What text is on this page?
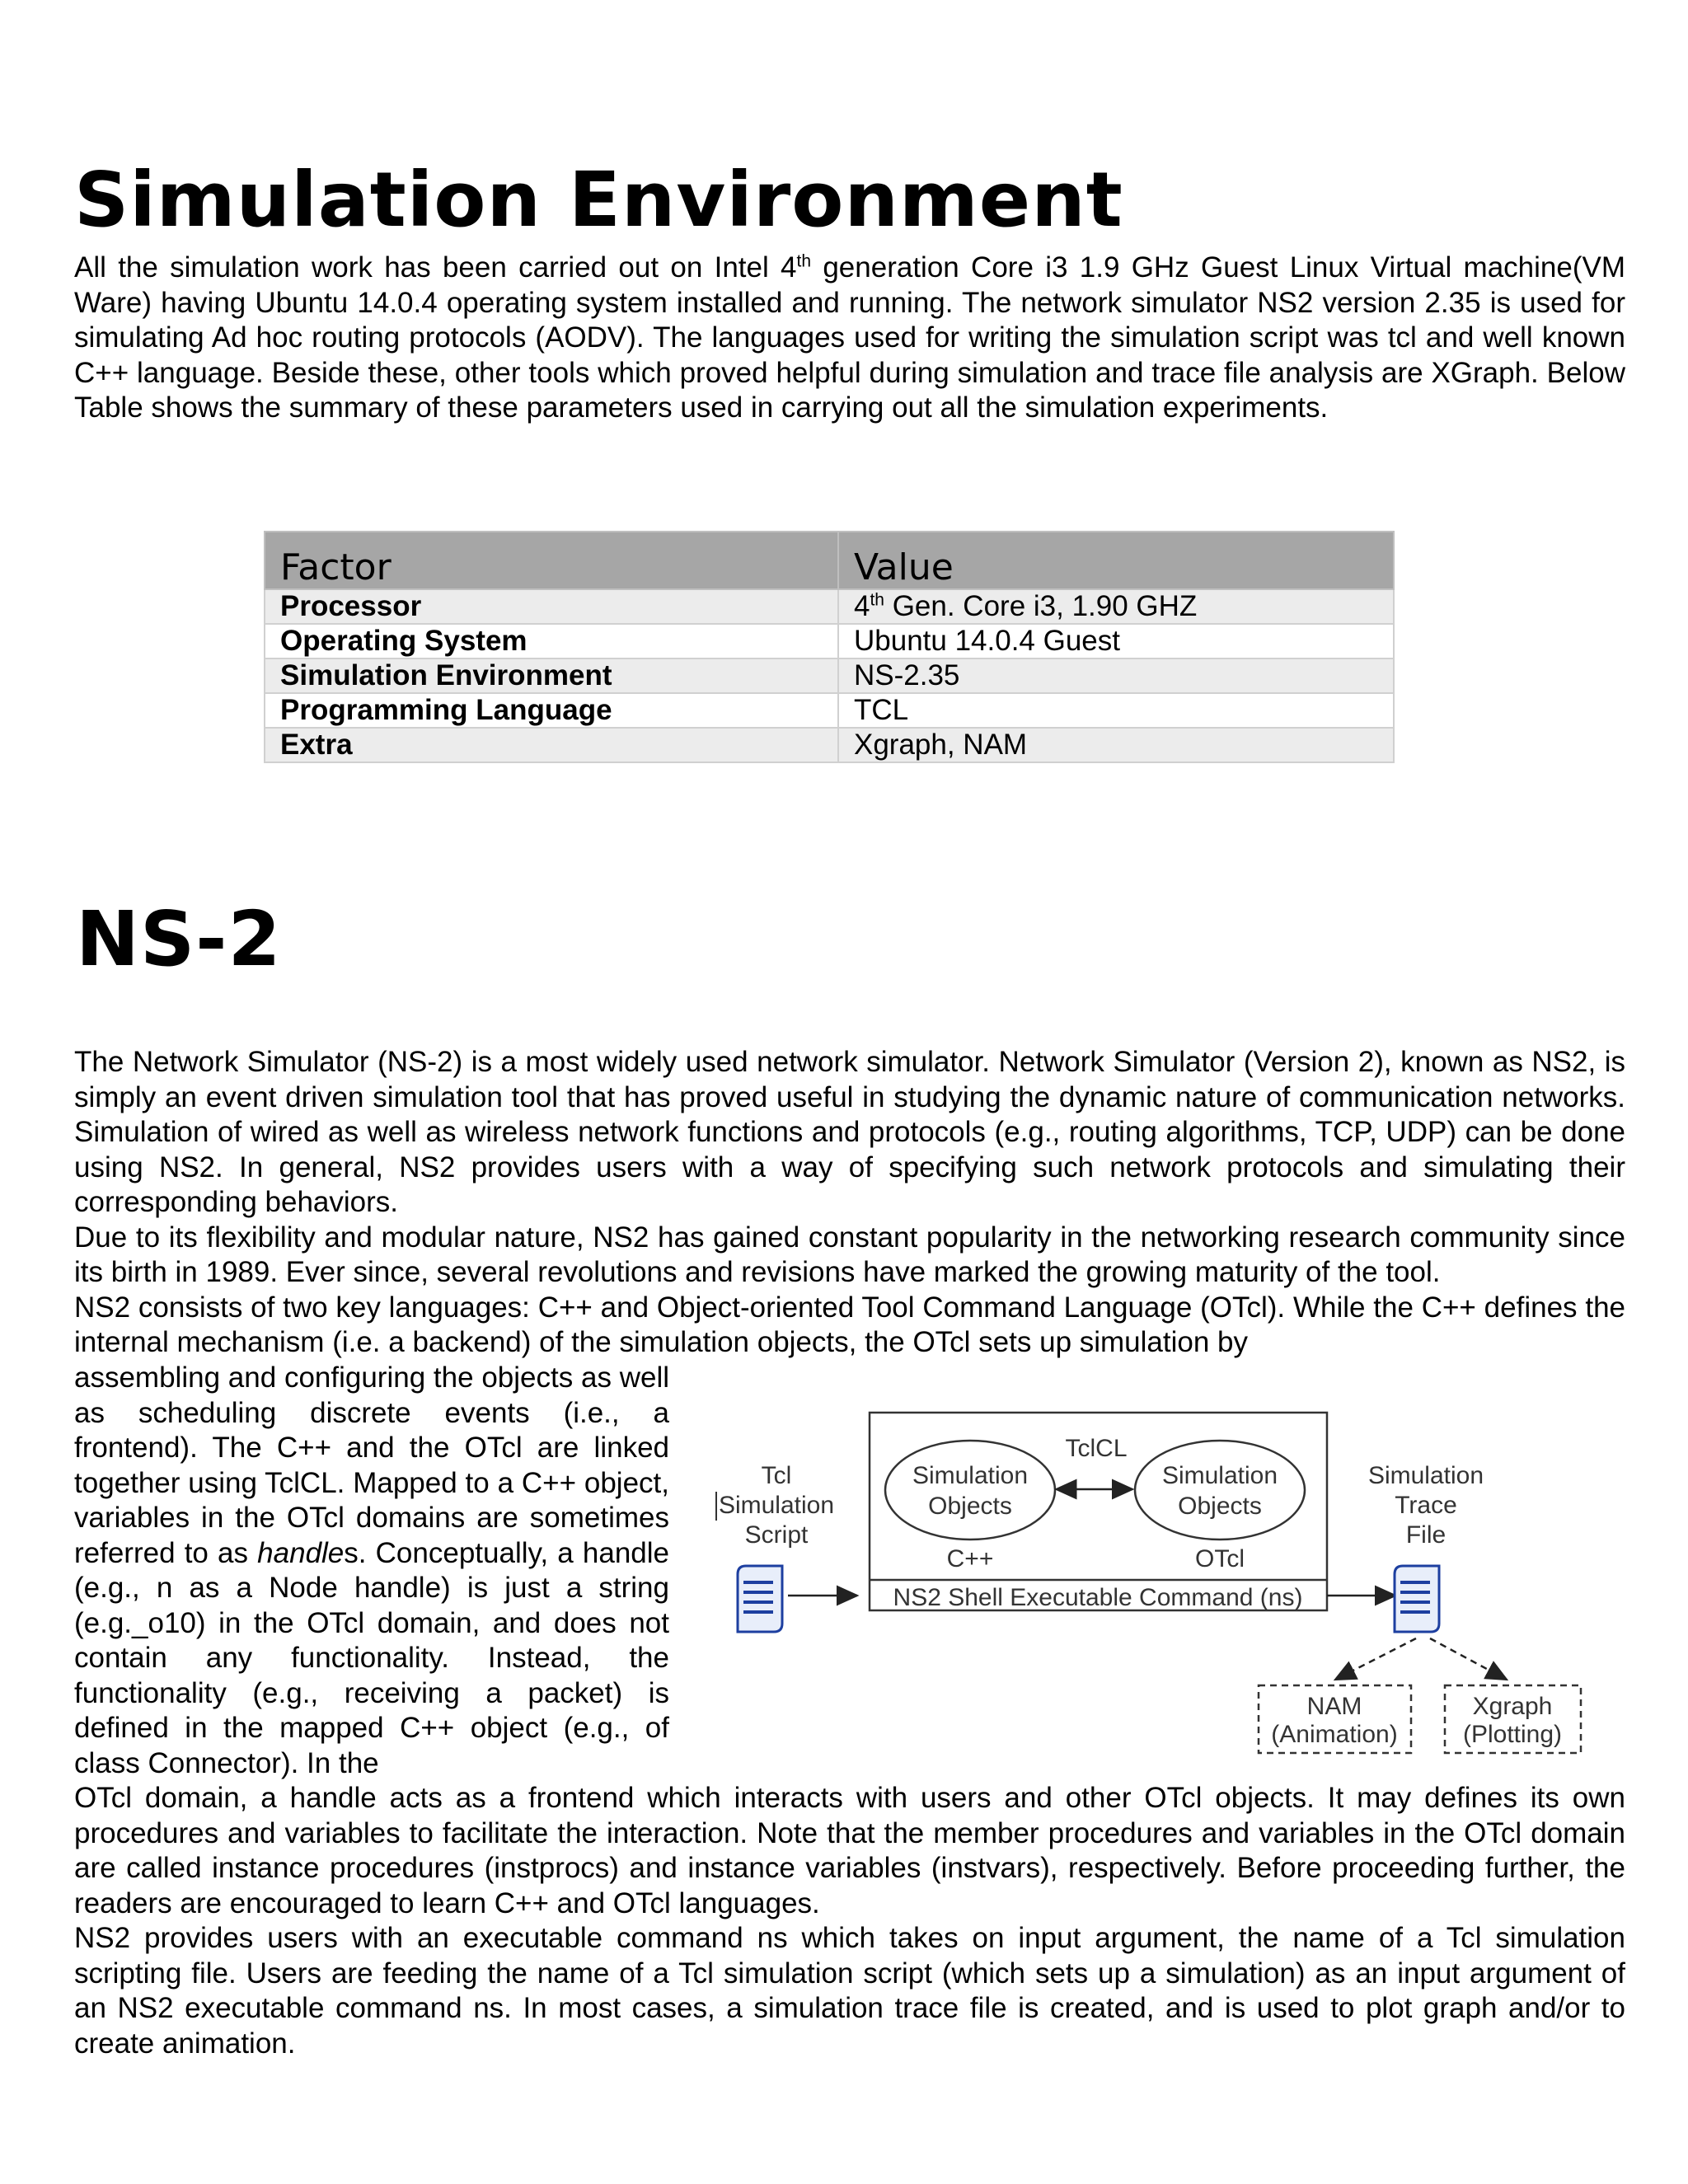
Simulation Environment

All the simulation work has been carried out on Intel 4th generation Core i3 1.9 GHz Guest Linux Virtual machine(VM Ware) having Ubuntu 14.0.4 operating system installed and running. The network simulator NS2 version 2.35 is used for simulating Ad hoc routing protocols (AODV). The languages used for writing the simulation script was tcl and well known C++ language. Beside these, other tools which proved helpful during simulation and trace file analysis are XGraph. Below Table shows the summary of these parameters used in carrying out all the simulation experiments.

Factor	Value
Processor	4th Gen. Core i3, 1.90 GHZ
Operating System	Ubuntu 14.0.4 Guest
Simulation Environment	NS-2.35
Programming Language	TCL
Extra	Xgraph, NAM
NS-2
The Network Simulator (NS-2) is a most widely used network simulator. Network Simulator (Version 2), known as NS2, is simply an event driven simulation tool that has proved useful in studying the dynamic nature of communication networks. Simulation of wired as well as wireless network functions and protocols (e.g., routing algorithms, TCP, UDP) can be done using NS2. In general, NS2 provides users with a way of specifying such network protocols and simulating their corresponding behaviors.
Due to its flexibility and modular nature, NS2 has gained constant popularity in the networking research community since its birth in 1989. Ever since, several revolutions and revisions have marked the growing maturity of the tool.
NS2 consists of two key languages: C++ and Object-oriented Tool Command Language (OTcl). While the C++ defines the internal mechanism (i.e. a backend) of the simulation objects, the OTcl sets up simulation by

assembling and configuring the objects as well as scheduling discrete events (i.e., a frontend). The C++ and the OTcl are linked together using TclCL. Mapped to a C++ object, variables in the OTcl domains are sometimes referred to as handles. Conceptually, a handle (e.g., n as a Node handle) is just a string (e.g._o10) in the OTcl domain, and does not contain any functionality. Instead, the functionality (e.g., receiving a packet) is defined in the mapped C++ object (e.g., of class Connector). In the

Tcl
Simulation
Script
Simulation
Objects
Simulation
Objects
TclCL
C++	OTcl
NS2 Shell Executable Command (ns)
Simulation
Trace
File
NAM
(Animation)
Xgraph
(Plotting)
OTcl domain, a handle acts as a frontend which interacts with users and other OTcl objects. It may defines its own procedures and variables to facilitate the interaction. Note that the member procedures and variables in the OTcl domain are called instance procedures (instprocs) and instance variables (instvars), respectively. Before proceeding further, the readers are encouraged to learn C++ and OTcl languages.
NS2 provides users with an executable command ns which takes on input argument, the name of a Tcl simulation scripting file. Users are feeding the name of a Tcl simulation script (which sets up a simulation) as an input argument of an NS2 executable command ns. In most cases, a simulation trace file is created, and is used to plot graph and/or to create animation.
